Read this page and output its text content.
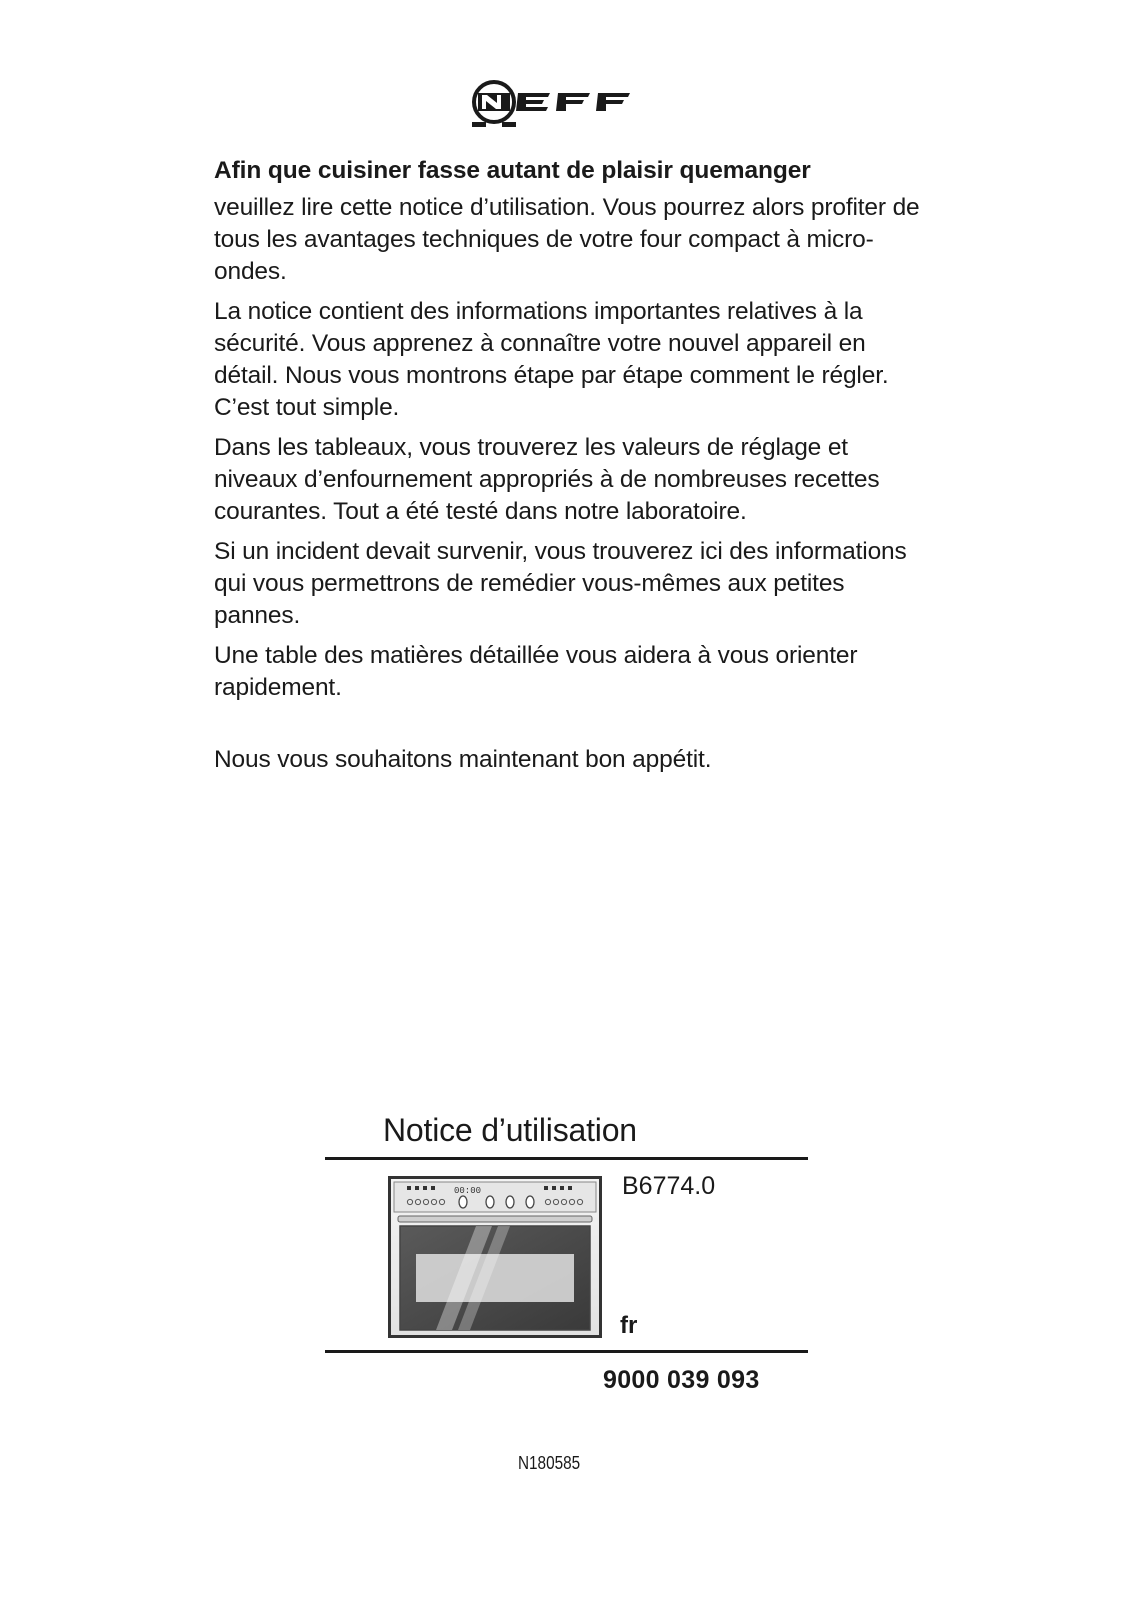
Afin que cuisiner fasse autant de plaisir quemanger

veuillez lire cette notice d’utilisation. Vous pourrez alors profiter de tous les avantages techniques de votre four compact à micro-ondes.

La notice contient des informations importantes relatives à la sécurité. Vous apprenez à connaître votre nouvel appareil en détail. Nous vous montrons étape par étape comment le régler. C’est tout simple.

Dans les tableaux, vous trouverez les valeurs de réglage et niveaux d’enfournement appropriés à de nombreuses recettes courantes. Tout a été testé dans notre laboratoire.

Si un incident devait survenir, vous trouverez ici des informations qui vous permettrons de remédier vous-mêmes aux petites pannes.

Une table des matières détaillée vous aidera à vous orienter rapidement.

Nous vous souhaitons maintenant bon appétit.

Notice d’utilisation
00:00	B6774.0
fr
9000 039 093
N180585
